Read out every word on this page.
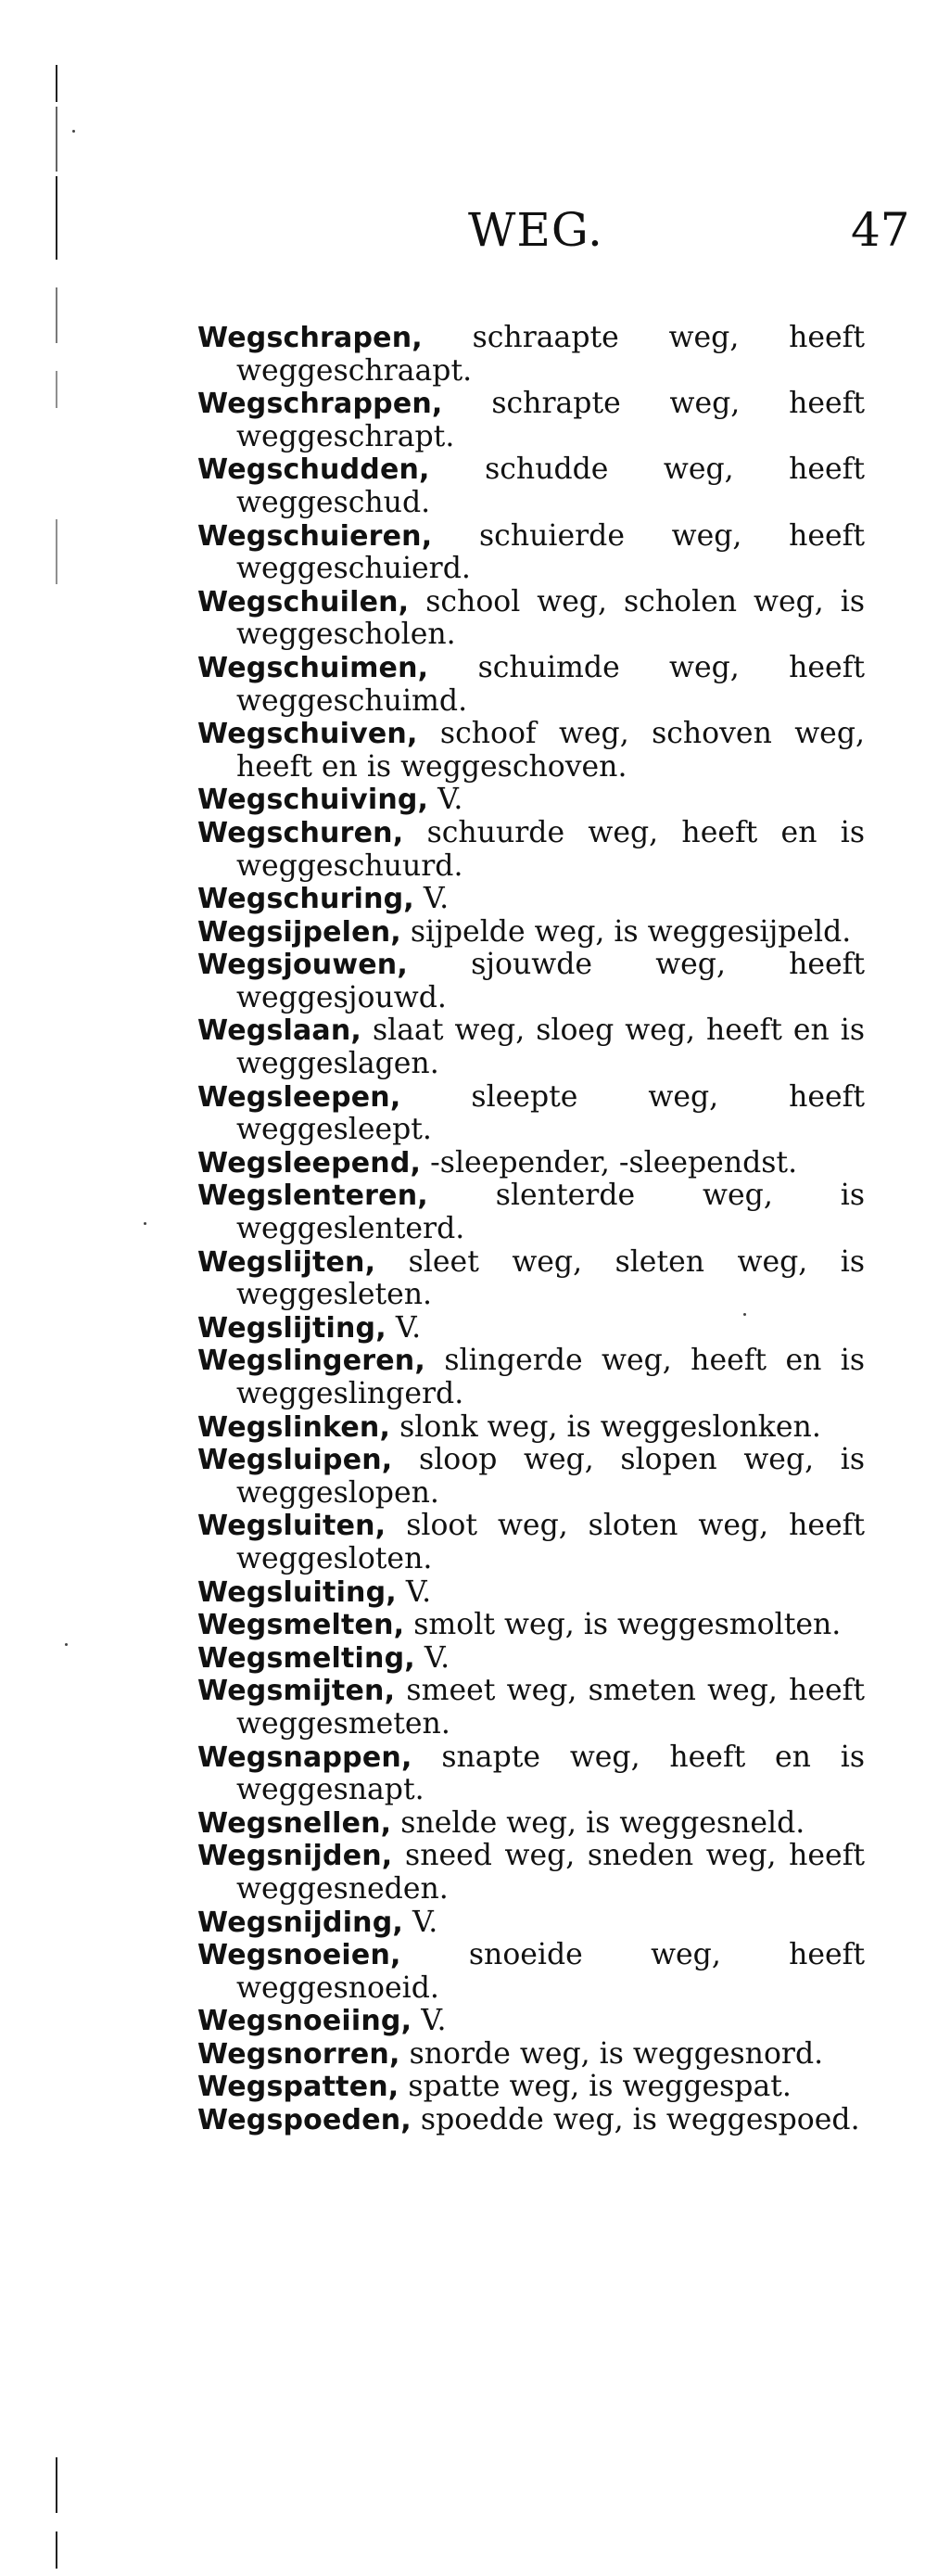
WEG.	47
Wegschrapen, schraapte weg, heeft weggeschraapt.
Wegschrappen, schrapte weg, heeft weggeschrapt.
Wegschudden, schudde weg, heeft weggeschud.
Wegschuieren, schuierde weg, heeft weggeschuierd.
Wegschuilen, school weg, scholen weg, is weggescholen.
Wegschuimen, schuimde weg, heeft weggeschuimd.
Wegschuiven, schoof weg, schoven weg, heeft en is weggeschoven.
Wegschuiving, V.
Wegschuren, schuurde weg, heeft en is weggeschuurd.
Wegschuring, V.
Wegsijpelen, sijpelde weg, is weggesijpeld.
Wegsjouwen, sjouwde weg, heeft weggesjouwd.
Wegslaan, slaat weg, sloeg weg, heeft en is weggeslagen.
Wegsleepen, sleepte weg, heeft weggesleept.
Wegsleepend, -sleepender, -sleependst.
Wegslenteren, slenterde weg, is weggeslenterd.
Wegslijten, sleet weg, sleten weg, is weggesleten.
Wegslijting, V.
Wegslingeren, slingerde weg, heeft en is weggeslingerd.
Wegslinken, slonk weg, is weggeslonken.
Wegsluipen, sloop weg, slopen weg, is weggeslopen.
Wegsluiten, sloot weg, sloten weg, heeft weggesloten.
Wegsluiting, V.
Wegsmelten, smolt weg, is weggesmolten.
Wegsmelting, V.
Wegsmijten, smeet weg, smeten weg, heeft weggesmeten.
Wegsnappen, snapte weg, heeft en is weggesnapt.
Wegsnellen, snelde weg, is weggesneld.
Wegsnijden, sneed weg, sneden weg, heeft weggesneden.
Wegsnijding, V.
Wegsnoeien, snoeide weg, heeft weggesnoeid.
Wegsnoeiing, V.
Wegsnorren, snorde weg, is weggesnord.
Wegspatten, spatte weg, is weggespat.
Wegspoeden, spoedde weg, is weggespoed.
